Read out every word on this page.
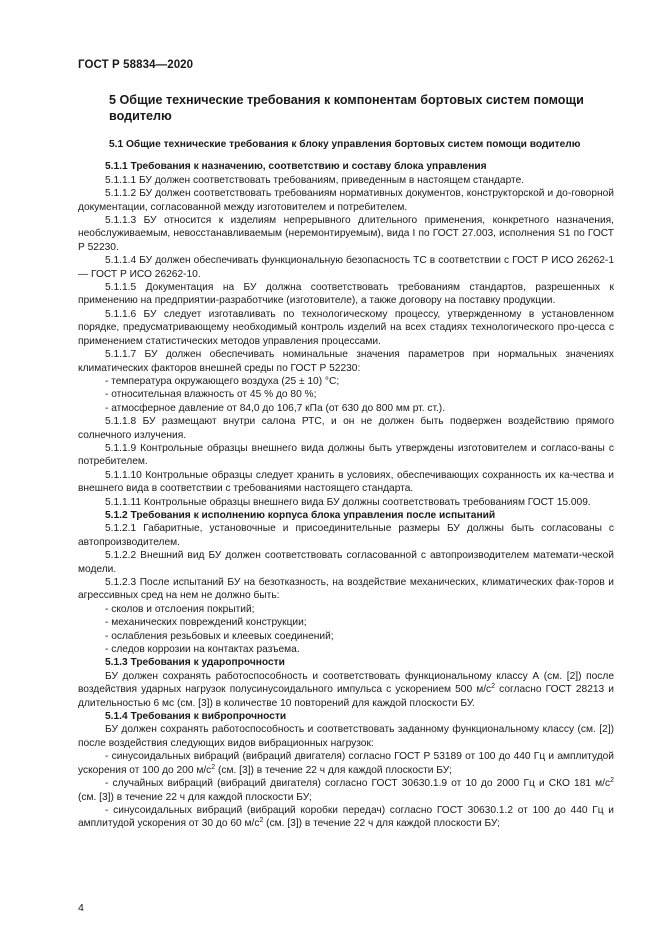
ГОСТ Р 58834—2020
5 Общие технические требования к компонентам бортовых систем помощи водителю
5.1 Общие технические требования к блоку управления бортовых систем помощи водителю
5.1.1 Требования к назначению, соответствию и составу блока управления

5.1.1.1 БУ должен соответствовать требованиям, приведенным в настоящем стандарте.

5.1.1.2 БУ должен соответствовать требованиям нормативных документов, конструкторской и до-говорной документации, согласованной между изготовителем и потребителем.

5.1.1.3 БУ относится к изделиям непрерывного длительного применения, конкретного назначения, необслуживаемым, невосстанавливаемым (неремонтируемым), вида I по ГОСТ 27.003, исполнения S1 по ГОСТ Р 52230.

5.1.1.4 БУ должен обеспечивать функциональную безопасность ТС в соответствии с ГОСТ Р ИСО 26262-1 — ГОСТ Р ИСО 26262-10.

5.1.1.5 Документация на БУ должна соответствовать требованиям стандартов, разрешенных к применению на предприятии-разработчике (изготовителе), а также договору на поставку продукции.

5.1.1.6 БУ следует изготавливать по технологическому процессу, утвержденному в установленном порядке, предусматривающему необходимый контроль изделий на всех стадиях технологического про-цесса с применением статистических методов управления процессами.

5.1.1.7 БУ должен обеспечивать номинальные значения параметров при нормальных значениях климатических факторов внешней среды по ГОСТ Р 52230:

- температура окружающего воздуха (25 ± 10) °С;

- относительная влажность от 45 % до 80 %;

- атмосферное давление от 84,0 до 106,7 кПа (от 630 до 800 мм рт. ст.).

5.1.1.8 БУ размещают внутри салона РТС, и он не должен быть подвержен воздействию прямого солнечного излучения.

5.1.1.9 Контрольные образцы внешнего вида должны быть утверждены изготовителем и согласо-ваны с потребителем.

5.1.1.10 Контрольные образцы следует хранить в условиях, обеспечивающих сохранность их ка-чества и внешнего вида в соответствии с требованиями настоящего стандарта.

5.1.1.11 Контрольные образцы внешнего вида БУ должны соответствовать требованиям ГОСТ 15.009.

5.1.2 Требования к исполнению корпуса блока управления после испытаний

5.1.2.1 Габаритные, установочные и присоединительные размеры БУ должны быть согласованы с автопроизводителем.

5.1.2.2 Внешний вид БУ должен соответствовать согласованной с автопроизводителем математи-ческой модели.

5.1.2.3 После испытаний БУ на безотказность, на воздействие механических, климатических фак-торов и агрессивных сред на нем не должно быть:

- сколов и отслоения покрытий;

- механических повреждений конструкции;

- ослабления резьбовых и клеевых соединений;

- следов коррозии на контактах разъема.

5.1.3 Требования к ударопрочности

БУ должен сохранять работоспособность и соответствовать функциональному классу А (см. [2]) после воздействия ударных нагрузок полусинусоидального импульса с ускорением 500 $м/с^2$ согласно ГОСТ 28213 и длительностью 6 мс (см. [3]) в количестве 10 повторений для каждой плоскости БУ.

5.1.4 Требования к вибропрочности

БУ должен сохранять работоспособность и соответствовать заданному функциональному классу (см. [2]) после воздействия следующих видов вибрационных нагрузок:

- синусоидальных вибраций (вибраций двигателя) согласно ГОСТ Р 53189 от 100 до 440 Гц и амплитудой ускорения от 100 до 200 $м/с^2$ (см. [3]) в течение 22 ч для каждой плоскости БУ;

- случайных вибраций (вибраций двигателя) согласно ГОСТ 30630.1.9 от 10 до 2000 Гц и СКО 181 $м/с^2$ (см. [3]) в течение 22 ч для каждой плоскости БУ;

- синусоидальных вибраций (вибраций коробки передач) согласно ГОСТ 30630.1.2 от 100 до 440 Гц и амплитудой ускорения от 30 до 60 $м/с^2$ (см. [3]) в течение 22 ч для каждой плоскости БУ;

4
